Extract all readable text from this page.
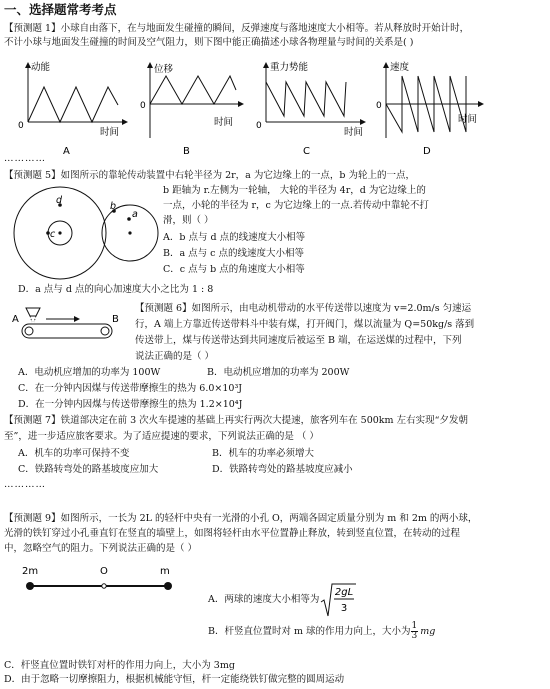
一、选择题常考考点
【预测题 1】小球自由落下，在与地面发生碰撞的瞬间，反弹速度与落地速度大小相等。若从释放时开始计时，
不计小球与地面发生碰撞的时间及空气阻力，则下图中能正确描述小球各物理量与时间的关系是( )
动能
时间
0
A
位移
时间
0
B
重力势能
时间
0
C
速度
时间
0
D
…………
【预测题 5】如图所示的靠轮传动装置中右轮半径为 2r，a 为它边缘上的一点，b 为轮上的一点，
d
c
b
a
b 距轴为 r.左侧为一轮轴， 大轮的半径为 4r，d 为它边缘上的
一点，小轮的半径为 r，c 为它边缘上的一点.若传动中靠轮不打
滑，则（ ）
A．b 点与 d 点的线速度大小相等
B．a 点与 c 点的线速度大小相等
C．c 点与 b 点的角速度大小相等
D．a 点与 d 点的向心加速度大小之比为 1 : 8
A	B
【预测题 6】如图所示，由电动机带动的水平传送带以速度为 v=2.0m/s 匀速运
行，A 端上方靠近传送带料斗中装有煤，打开阀门，煤以流量为 Q=50kg/s 落到
传送带上，煤与传送带达到共同速度后被运至 B 端，在运送煤的过程中，下列
说法正确的是（ ）
A．电动机应增加的功率为 100W	B．电动机应增加的功率为 200W
C．在一分钟内因煤与传送带摩擦生的热为 6.0×10³J
D．在一分钟内因煤与传送带摩擦生的热为 1.2×10⁴J
【预测题 7】铁道部决定在前 3 次火车提速的基础上再实行两次大提速，旅客列车在 500km 左右实现“夕发朝
至”，进一步适应旅客要求。为了适应提速的要求，下列说法正确的是 （ ）
A．机车的功率可保持不变	B．机车的功率必须增大
C．铁路转弯处的路基坡度应加大	D．铁路转弯处的路基坡度应减小
…………
【预测题 9】如图所示，一长为 2L 的轻杆中央有一光滑的小孔 O，两端各固定质量分别为 m 和 2m 的两小球，
光滑的铁钉穿过小孔垂直钉在竖直的墙壁上，如图将轻杆由水平位置静止释放，转到竖直位置，在转动的过程
中，忽略空气的阻力。下列说法正确的是（ ）
2m	O	m
A．两球的速度大小相等为
2gL
3
B．杆竖直位置时对 m 球的作用力向上，大小为 $\frac{1}{3}$ mg
C．杆竖直位置时铁钉对杆的作用力向上，大小为 3mg
D．由于忽略一切摩擦阻力，根据机械能守恒，杆一定能绕铁钉做完整的圆周运动
